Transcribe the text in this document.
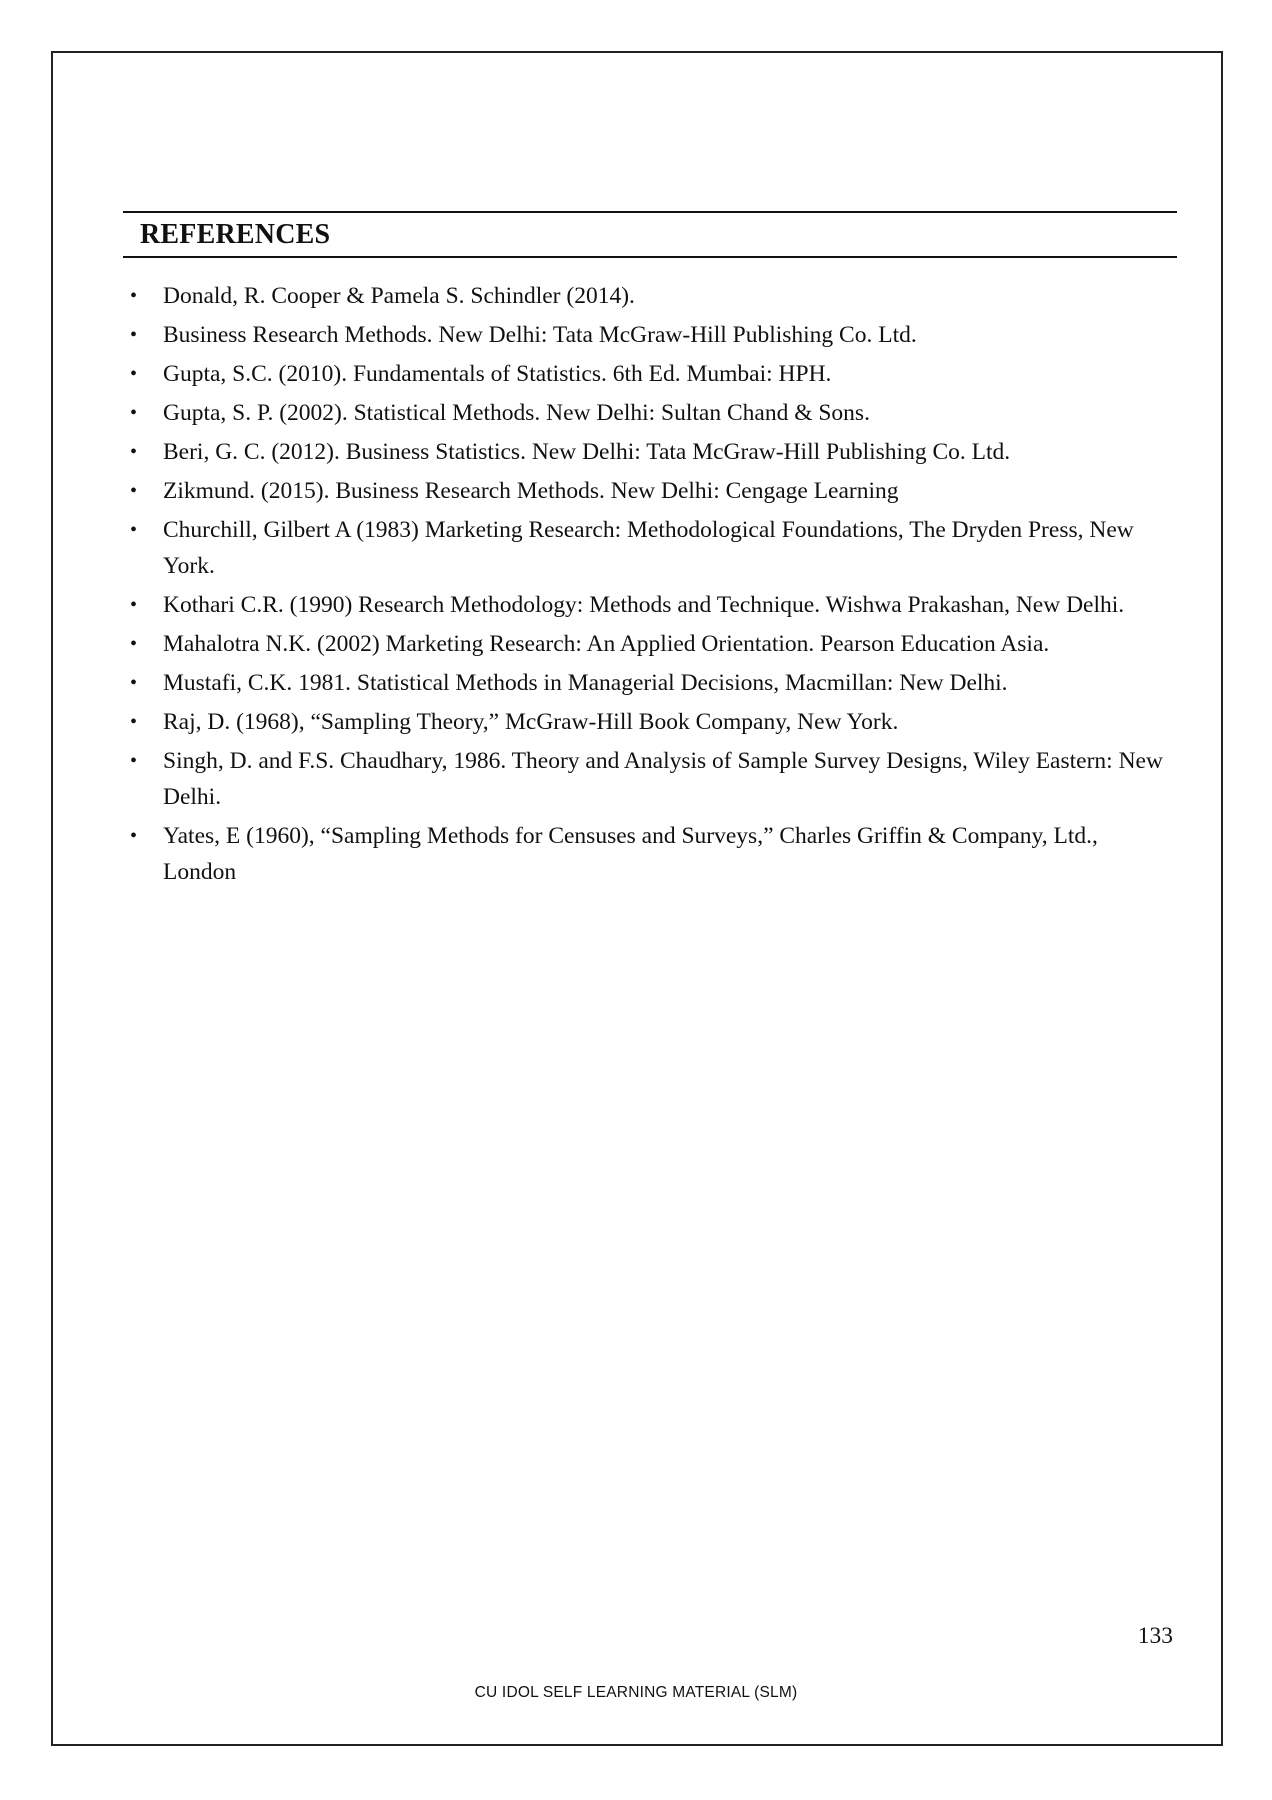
REFERENCES
• Donald, R. Cooper & Pamela S. Schindler (2014).
• Business Research Methods. New Delhi: Tata McGraw-Hill Publishing Co. Ltd.
• Gupta, S.C. (2010). Fundamentals of Statistics. 6th Ed. Mumbai: HPH.
• Gupta, S. P. (2002). Statistical Methods. New Delhi: Sultan Chand & Sons.
• Beri, G. C. (2012). Business Statistics. New Delhi: Tata McGraw-Hill Publishing Co. Ltd.
• Zikmund. (2015). Business Research Methods. New Delhi: Cengage Learning
• Churchill, Gilbert A (1983) Marketing Research: Methodological Foundations, The Dryden Press, New York.
• Kothari C.R. (1990) Research Methodology: Methods and Technique. Wishwa Prakashan, New Delhi.
• Mahalotra N.K. (2002) Marketing Research: An Applied Orientation. Pearson Education Asia.
• Mustafi, C.K. 1981. Statistical Methods in Managerial Decisions, Macmillan: New Delhi.
• Raj, D. (1968), “Sampling Theory,” McGraw-Hill Book Company, New York.
• Singh, D. and F.S. Chaudhary, 1986. Theory and Analysis of Sample Survey Designs, Wiley Eastern: New Delhi.
• Yates, E (1960), “Sampling Methods for Censuses and Surveys,” Charles Griffin & Company, Ltd., London
133
CU IDOL SELF LEARNING MATERIAL (SLM)
